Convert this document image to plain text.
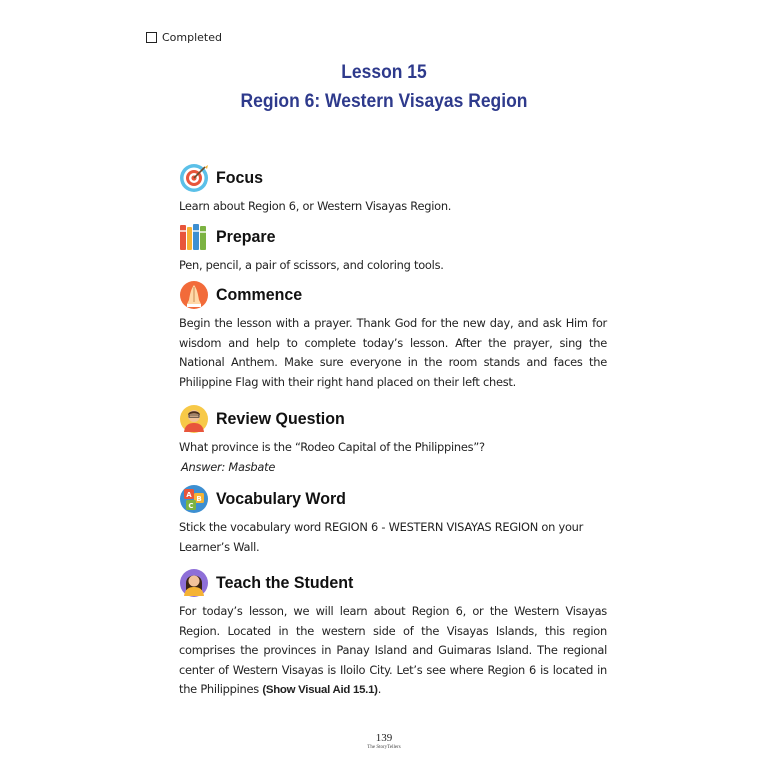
Completed
Lesson 15
Region 6: Western Visayas Region
Focus
Learn about Region 6, or Western Visayas Region.
Prepare
Pen, pencil, a pair of scissors, and coloring tools.
Commence
Begin the lesson with a prayer. Thank God for the new day, and ask Him for wisdom and help to complete today’s lesson. After the prayer, sing the National Anthem. Make sure everyone in the room stands and faces the Philippine Flag with their right hand placed on their left chest.
Review Question
What province is the “Rodeo Capital of the Philippines”?
Answer: Masbate
A B
C Vocabulary Word
Stick the vocabulary word REGION 6 - WESTERN VISAYAS REGION on your Learner’s Wall.
Teach the Student
For today’s lesson, we will learn about Region 6, or the Western Visayas Region. Located in the western side of the Visayas Islands, this region comprises the provinces in Panay Island and Guimaras Island. The regional center of Western Visayas is Iloilo City. Let’s see where Region 6 is located in the Philippines (Show Visual Aid 15.1).
139
The StoryTellers
